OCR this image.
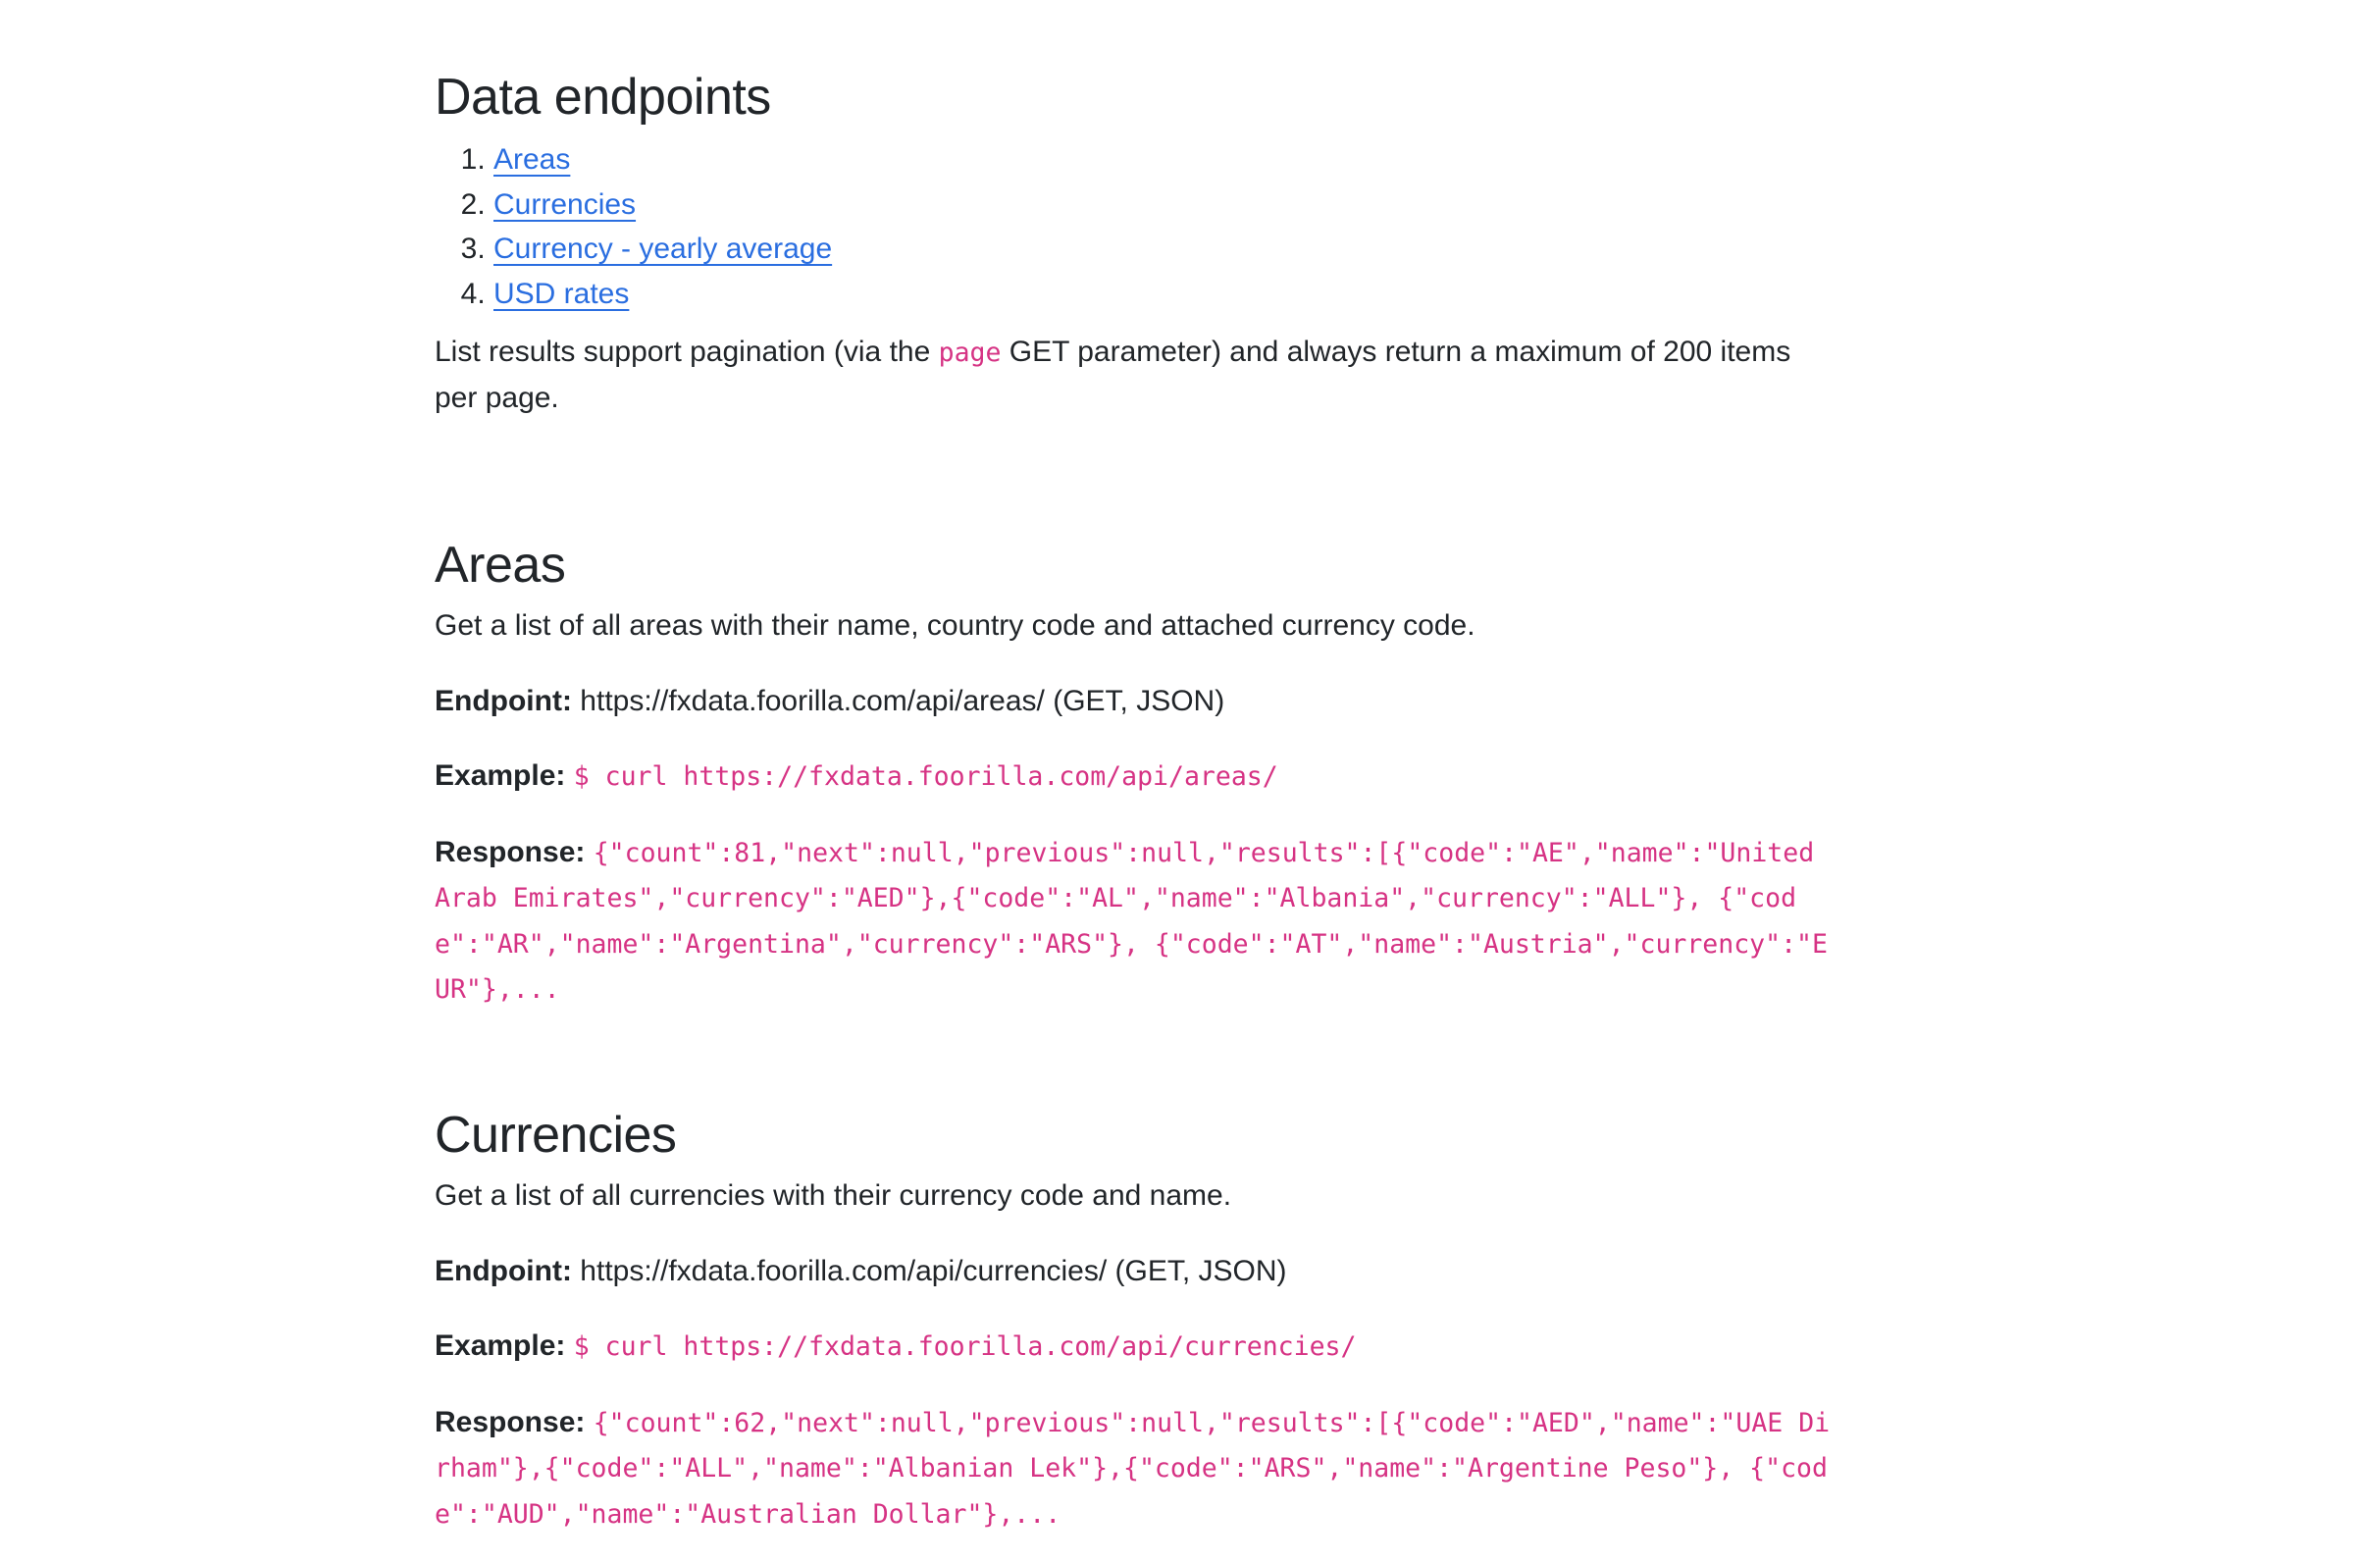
Data endpoints
1. Areas
2. Currencies
3. Currency - yearly average
4. USD rates

List results support pagination (via the page GET parameter) and always return a maximum of 200 items per page.

Areas

Get a list of all areas with their name, country code and attached currency code.

Endpoint: https://fxdata.foorilla.com/api/areas/ (GET, JSON)

Example: $ curl https://fxdata.foorilla.com/api/areas/

Response: {"count":81,"next":null,"previous":null,"results":[{"code":"AE","name":"United Arab Emirates","currency":"AED"},{"code":"AL","name":"Albania","currency":"ALL"}, {"code":"AR","name":"Argentina","currency":"ARS"}, {"code":"AT","name":"Austria","currency":"EUR"},...

Currencies

Get a list of all currencies with their currency code and name.

Endpoint: https://fxdata.foorilla.com/api/currencies/ (GET, JSON)

Example: $ curl https://fxdata.foorilla.com/api/currencies/

Response: {"count":62,"next":null,"previous":null,"results":[{"code":"AED","name":"UAE Dirham"},{"code":"ALL","name":"Albanian Lek"},{"code":"ARS","name":"Argentine Peso"}, {"code":"AUD","name":"Australian Dollar"},...
